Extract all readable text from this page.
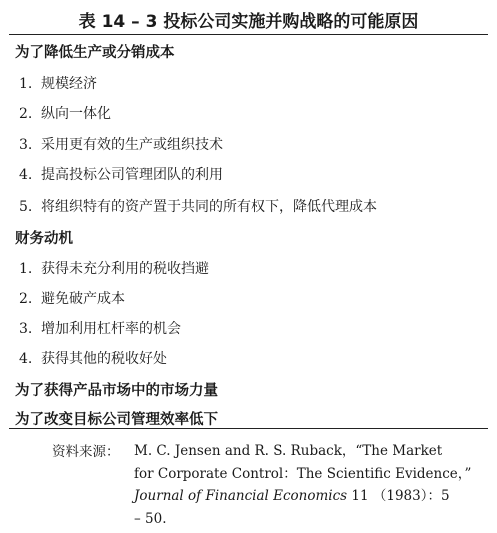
表 14 – 3 投标公司实施并购战略的可能原因
为了降低生产或分销成本
1. 规模经济
2. 纵向一体化
3. 采用更有效的生产或组织技术
4. 提高投标公司管理团队的利用
5. 将组织特有的资产置于共同的所有权下，降低代理成本
财务动机
1. 获得未充分利用的税收挡避
2. 避免破产成本
3. 增加利用杠杆率的机会
4. 获得其他的税收好处
为了获得产品市场中的市场力量
为了改变目标公司管理效率低下
资料来源： M. C. Jensen and R. S. Ruback，“The Market
for Corporate Control：The Scientific Evidence，”
Journal of Financial Economics 11 （1983）：5
– 50.
